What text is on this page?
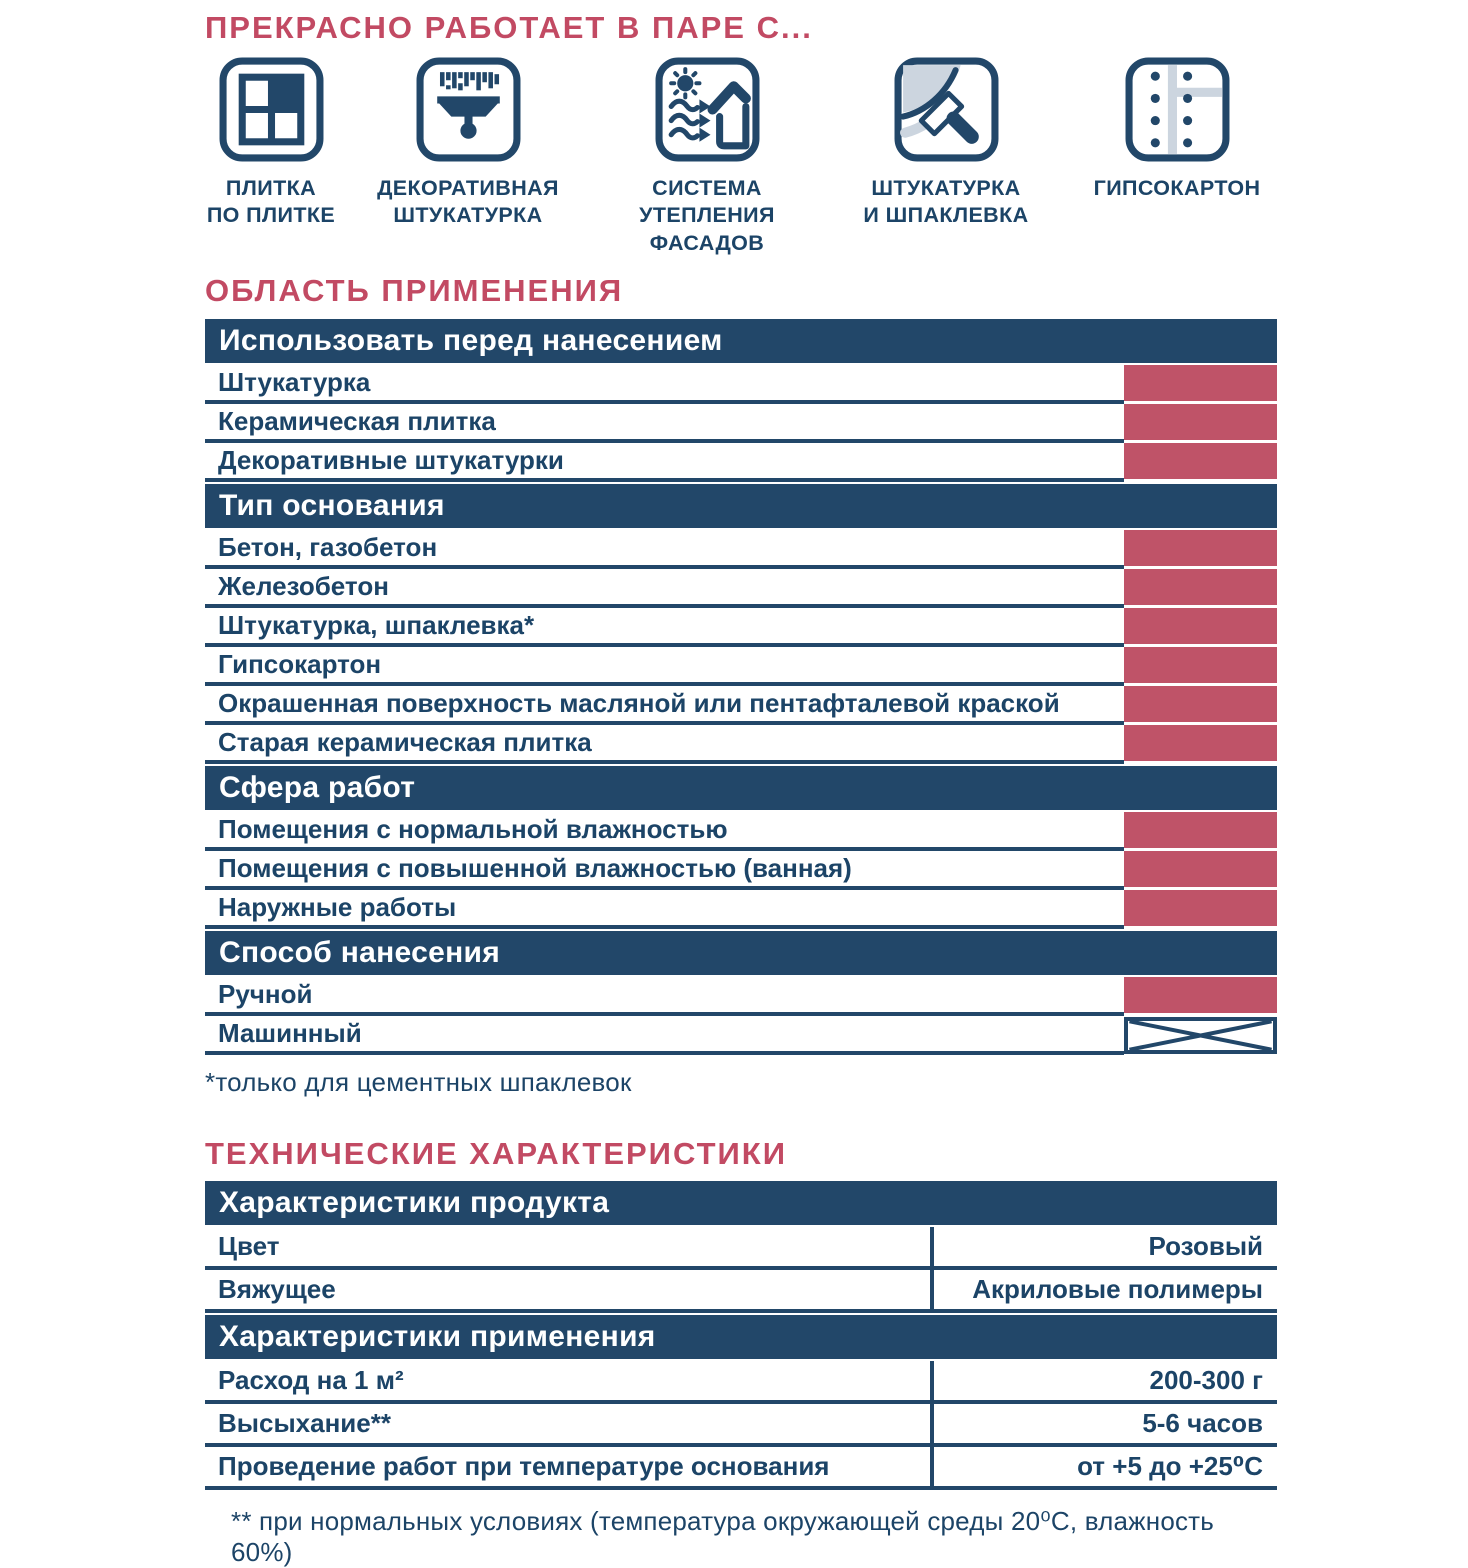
ПРЕКРАСНО РАБОТАЕТ В ПАРЕ С...
ПЛИТКА
ПО ПЛИТКЕ
ДЕКОРАТИВНАЯ
ШТУКАТУРКА
СИСТЕМА
УТЕПЛЕНИЯ
ФАСАДОВ
ШТУКАТУРКА
И ШПАКЛЕВКА
ГИПСОКАРТОН
ОБЛАСТЬ ПРИМЕНЕНИЯ
Использовать перед нанесением
Штукатурка
Керамическая плитка
Декоративные штукатурки
Тип основания
Бетон, газобетон
Железобетон
Штукатурка, шпаклевка*
Гипсокартон
Окрашенная поверхность масляной или пентафталевой краской
Старая керамическая плитка
Сфера работ
Помещения с нормальной влажностью
Помещения с повышенной влажностью (ванная)
Наружные работы
Способ нанесения
Ручной
Машинный
*только для цементных шпаклевок
ТЕХНИЧЕСКИЕ ХАРАКТЕРИСТИКИ
Характеристики продукта
Цвет	Розовый
Вяжущее	Акриловые полимеры
Характеристики применения
Расход на 1 м²	200-300 г
Высыхание**	5-6 часов
Проведение работ при температуре основания	от +5 до +25⁰С
** при нормальных условиях (температура окружающей среды 20⁰С, влажность 60%)
